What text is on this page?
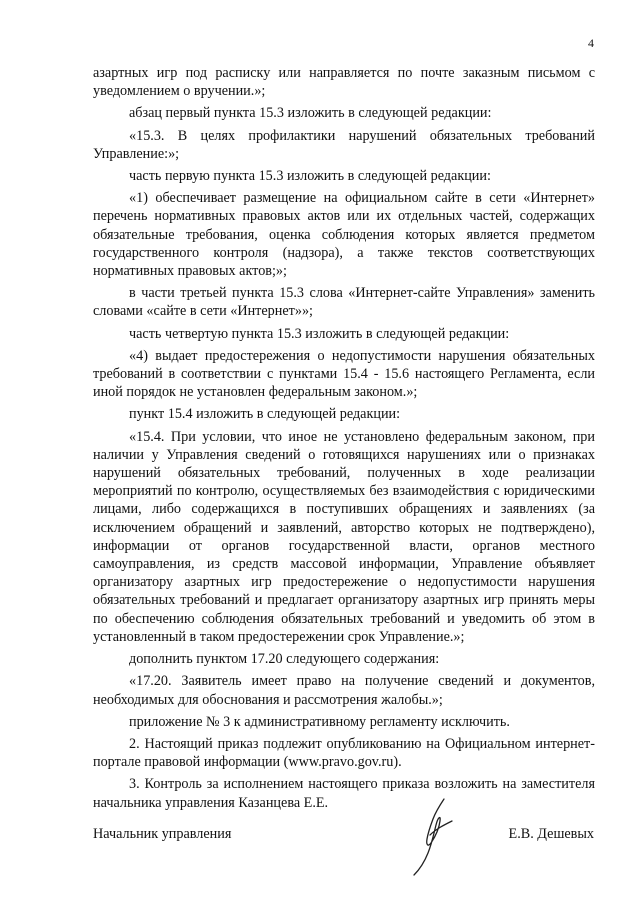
4

азартных игр под расписку или направляется по почте заказным письмом с уведомлением о вручении.»;

абзац первый пункта 15.3 изложить в следующей редакции:

«15.3. В целях профилактики нарушений обязательных требований Управление:»;

часть первую пункта 15.3 изложить в следующей редакции:

«1) обеспечивает размещение на официальном сайте в сети «Интернет» перечень нормативных правовых актов или их отдельных частей, содержащих обязательные требования, оценка соблюдения которых является предметом государственного контроля (надзора), а также текстов соответствующих нормативных правовых актов;»;

в части третьей пункта 15.3 слова «Интернет-сайте Управления» заменить словами «сайте в сети «Интернет»»;

часть четвертую пункта 15.3 изложить в следующей редакции:

«4) выдает предостережения о недопустимости нарушения обязательных требований в соответствии с пунктами 15.4 - 15.6 настоящего Регламента, если иной порядок не установлен федеральным законом.»;

пункт 15.4 изложить в следующей редакции:

«15.4. При условии, что иное не установлено федеральным законом, при наличии у Управления сведений о готовящихся нарушениях или о признаках нарушений обязательных требований, полученных в ходе реализации мероприятий по контролю, осуществляемых без взаимодействия с юридическими лицами, либо содержащихся в поступивших обращениях и заявлениях (за исключением обращений и заявлений, авторство которых не подтверждено), информации от органов государственной власти, органов местного самоуправления, из средств массовой информации, Управление объявляет организатору азартных игр предостережение о недопустимости нарушения обязательных требований и предлагает организатору азартных игр принять меры по обеспечению соблюдения обязательных требований и уведомить об этом в установленный в таком предостережении срок Управление.»;

дополнить пунктом 17.20 следующего содержания:

«17.20. Заявитель имеет право на получение сведений и документов, необходимых для обоснования и рассмотрения жалобы.»;

приложение № 3 к административному регламенту исключить.

2. Настоящий приказ подлежит опубликованию на Официальном интернет-портале правовой информации (www.pravo.gov.ru).

3. Контроль за исполнением настоящего приказа возложить на заместителя начальника управления Казанцева Е.Е.

Начальник управления	Е.В. Дешевых
